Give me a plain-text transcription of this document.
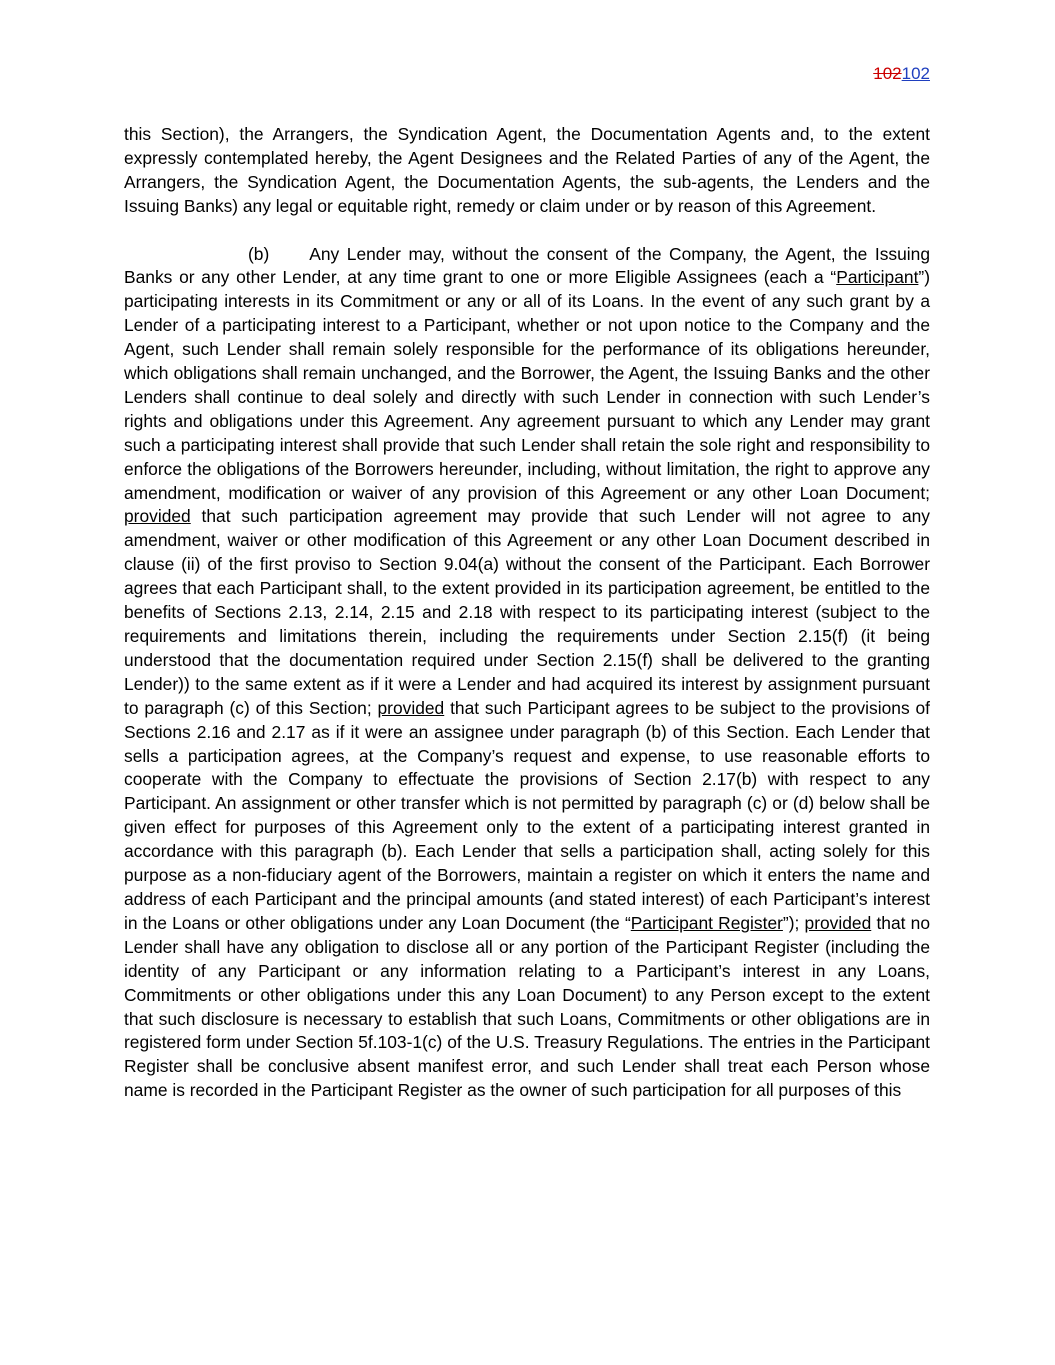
102102

this Section), the Arrangers, the Syndication Agent, the Documentation Agents and, to the extent expressly contemplated hereby, the Agent Designees and the Related Parties of any of the Agent, the Arrangers, the Syndication Agent, the Documentation Agents, the sub-agents, the Lenders and the Issuing Banks) any legal or equitable right, remedy or claim under or by reason of this Agreement.

(b) Any Lender may, without the consent of the Company, the Agent, the Issuing Banks or any other Lender, at any time grant to one or more Eligible Assignees (each a “Participant”) participating interests in its Commitment or any or all of its Loans. In the event of any such grant by a Lender of a participating interest to a Participant, whether or not upon notice to the Company and the Agent, such Lender shall remain solely responsible for the performance of its obligations hereunder, which obligations shall remain unchanged, and the Borrower, the Agent, the Issuing Banks and the other Lenders shall continue to deal solely and directly with such Lender in connection with such Lender’s rights and obligations under this Agreement. Any agreement pursuant to which any Lender may grant such a participating interest shall provide that such Lender shall retain the sole right and responsibility to enforce the obligations of the Borrowers hereunder, including, without limitation, the right to approve any amendment, modification or waiver of any provision of this Agreement or any other Loan Document; provided that such participation agreement may provide that such Lender will not agree to any amendment, waiver or other modification of this Agreement or any other Loan Document described in clause (ii) of the first proviso to Section 9.04(a) without the consent of the Participant. Each Borrower agrees that each Participant shall, to the extent provided in its participation agreement, be entitled to the benefits of Sections 2.13, 2.14, 2.15 and 2.18 with respect to its participating interest (subject to the requirements and limitations therein, including the requirements under Section 2.15(f) (it being understood that the documentation required under Section 2.15(f) shall be delivered to the granting Lender)) to the same extent as if it were a Lender and had acquired its interest by assignment pursuant to paragraph (c) of this Section; provided that such Participant agrees to be subject to the provisions of Sections 2.16 and 2.17 as if it were an assignee under paragraph (b) of this Section. Each Lender that sells a participation agrees, at the Company’s request and expense, to use reasonable efforts to cooperate with the Company to effectuate the provisions of Section 2.17(b) with respect to any Participant. An assignment or other transfer which is not permitted by paragraph (c) or (d) below shall be given effect for purposes of this Agreement only to the extent of a participating interest granted in accordance with this paragraph (b). Each Lender that sells a participation shall, acting solely for this purpose as a non-fiduciary agent of the Borrowers, maintain a register on which it enters the name and address of each Participant and the principal amounts (and stated interest) of each Participant’s interest in the Loans or other obligations under any Loan Document (the “Participant Register”); provided that no Lender shall have any obligation to disclose all or any portion of the Participant Register (including the identity of any Participant or any information relating to a Participant’s interest in any Loans, Commitments or other obligations under this any Loan Document) to any Person except to the extent that such disclosure is necessary to establish that such Loans, Commitments or other obligations are in registered form under Section 5f.103-1(c) of the U.S. Treasury Regulations. The entries in the Participant Register shall be conclusive absent manifest error, and such Lender shall treat each Person whose name is recorded in the Participant Register as the owner of such participation for all purposes of this
